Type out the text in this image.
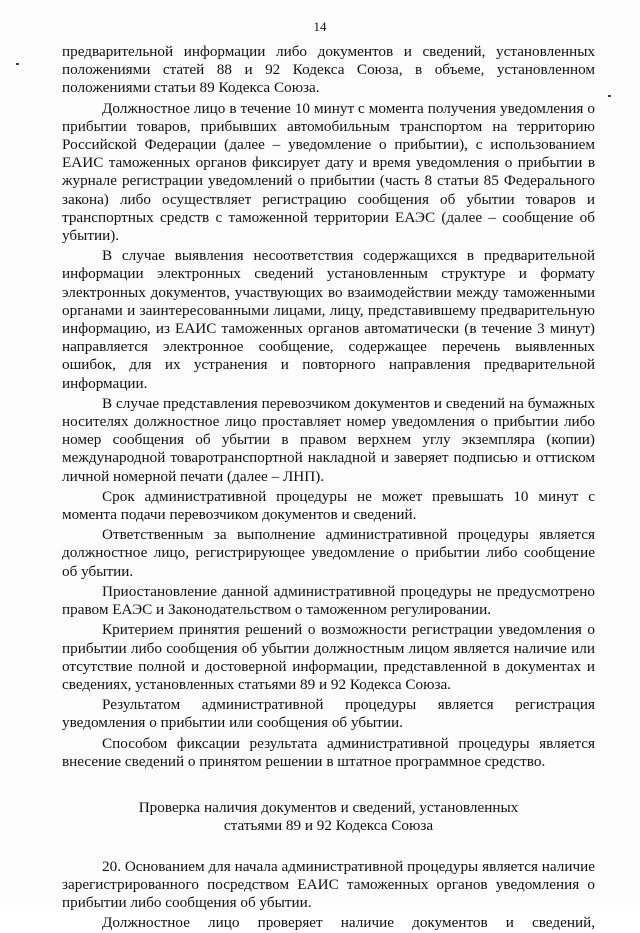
14

предварительной информации либо документов и сведений, установленных положениями статей 88 и 92 Кодекса Союза, в объеме, установленном положениями статьи 89 Кодекса Союза.

Должностное лицо в течение 10 минут с момента получения уведомления о прибытии товаров, прибывших автомобильным транспортом на территорию Российской Федерации (далее – уведомление о прибытии), с использованием ЕАИС таможенных органов фиксирует дату и время уведомления о прибытии в журнале регистрации уведомлений о прибытии (часть 8 статьи 85 Федерального закона) либо осуществляет регистрацию сообщения об убытии товаров и транспортных средств с таможенной территории ЕАЭС (далее – сообщение об убытии).

В случае выявления несоответствия содержащихся в предварительной информации электронных сведений установленным структуре и формату электронных документов, участвующих во взаимодействии между таможенными органами и заинтересованными лицами, лицу, представившему предварительную информацию, из ЕАИС таможенных органов автоматически (в течение 3 минут) направляется электронное сообщение, содержащее перечень выявленных ошибок, для их устранения и повторного направления предварительной информации.

В случае представления перевозчиком документов и сведений на бумажных носителях должностное лицо проставляет номер уведомления о прибытии либо номер сообщения об убытии в правом верхнем углу экземпляра (копии) международной товаротранспортной накладной и заверяет подписью и оттиском личной номерной печати (далее – ЛНП).

Срок административной процедуры не может превышать 10 минут с момента подачи перевозчиком документов и сведений.

Ответственным за выполнение административной процедуры является должностное лицо, регистрирующее уведомление о прибытии либо сообщение об убытии.

Приостановление данной административной процедуры не предусмотрено правом ЕАЭС и Законодательством о таможенном регулировании.

Критерием принятия решений о возможности регистрации уведомления о прибытии либо сообщения об убытии должностным лицом является наличие или отсутствие полной и достоверной информации, представленной в документах и сведениях, установленных статьями 89 и 92 Кодекса Союза.

Результатом административной процедуры является регистрация уведомления о прибытии или сообщения об убытии.

Способом фиксации результата административной процедуры является внесение сведений о принятом решении в штатное программное средство.

Проверка наличия документов и сведений, установленных
статьями 89 и 92 Кодекса Союза

20. Основанием для начала административной процедуры является наличие зарегистрированного посредством ЕАИС таможенных органов уведомления о прибытии либо сообщения об убытии.

Должностное лицо проверяет наличие документов и сведений,
